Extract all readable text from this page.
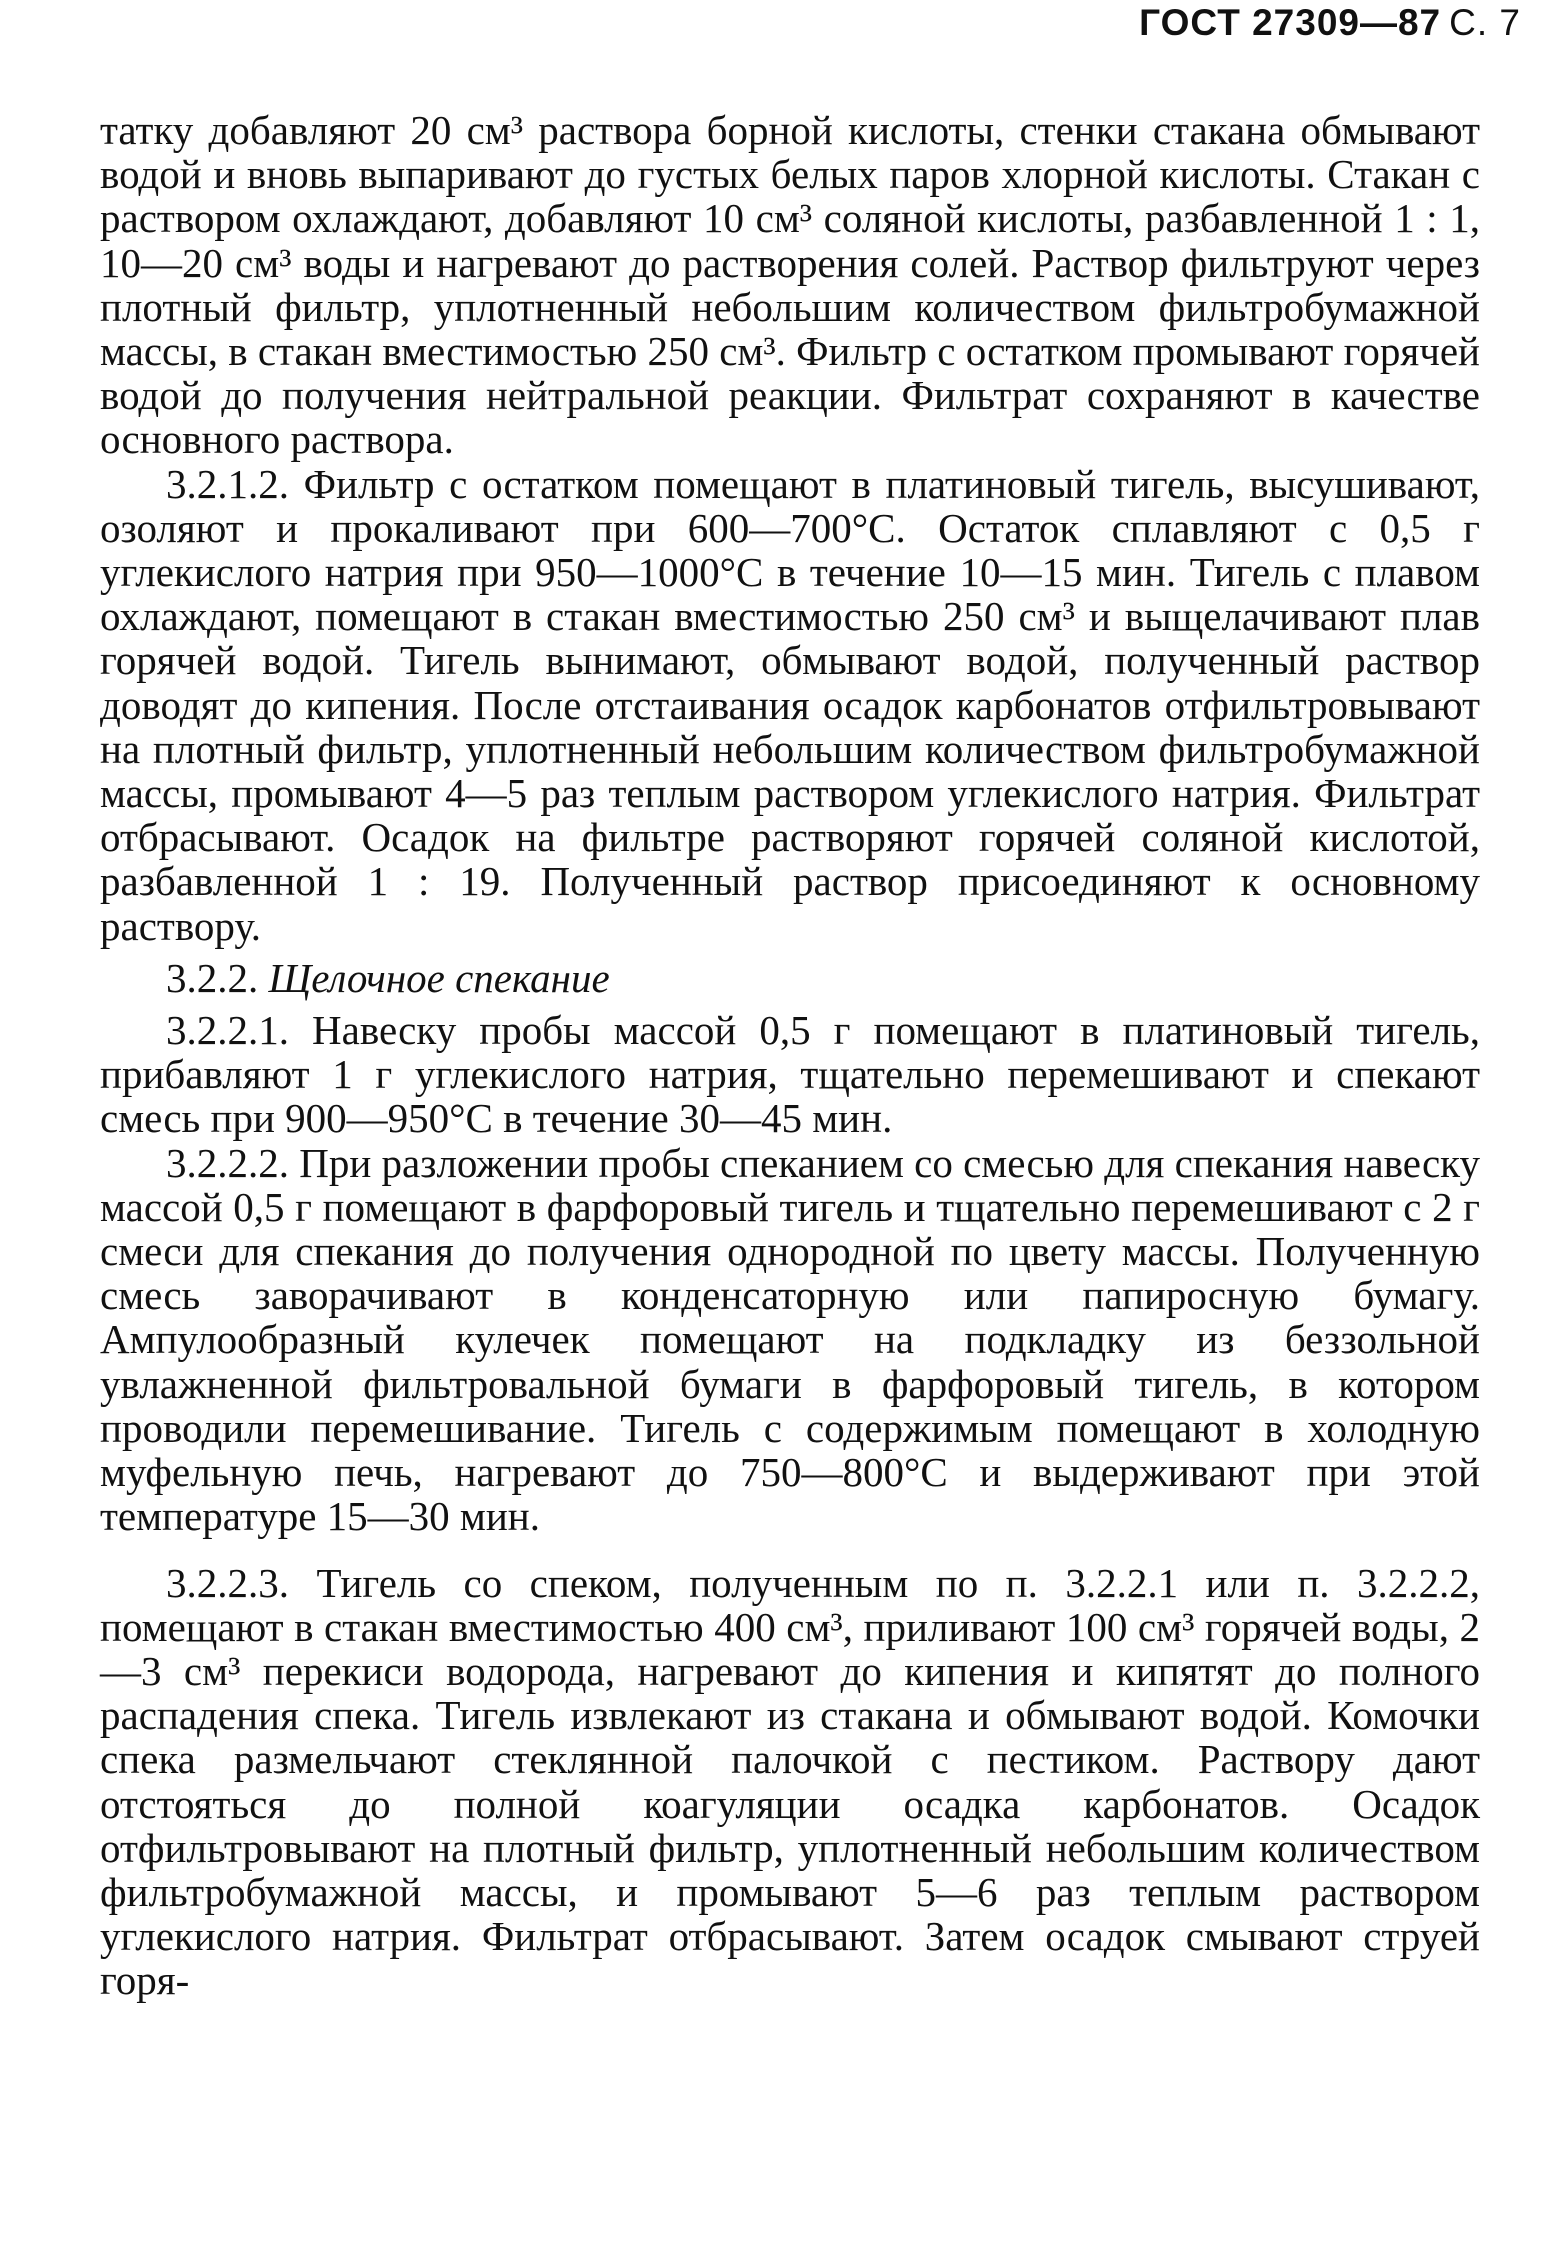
ГОСТ 27309—87 С. 7

татку добавляют 20 см³ раствора борной кислоты, стенки стакана обмывают водой и вновь выпаривают до густых белых паров хлорной кислоты. Стакан с раствором охлаждают, добавляют 10 см³ соляной кислоты, разбавленной 1 : 1, 10—20 см³ воды и нагревают до растворения солей. Раствор фильтруют через плотный фильтр, уплотненный небольшим количеством фильтробумажной массы, в стакан вместимостью 250 см³. Фильтр с остатком промывают горячей водой до получения нейтральной реакции. Фильтрат сохраняют в качестве основного раствора.

3.2.1.2. Фильтр с остатком помещают в платиновый тигель, высушивают, озоляют и прокаливают при 600—700°С. Остаток сплавляют с 0,5 г углекислого натрия при 950—1000°С в течение 10—15 мин. Тигель с плавом охлаждают, помещают в стакан вместимостью 250 см³ и выщелачивают плав горячей водой. Тигель вынимают, обмывают водой, полученный раствор доводят до кипения. После отстаивания осадок карбонатов отфильтровывают на плотный фильтр, уплотненный небольшим количеством фильтробумажной массы, промывают 4—5 раз теплым раствором углекислого натрия. Фильтрат отбрасывают. Осадок на фильтре растворяют горячей соляной кислотой, разбавленной 1 : 19. Полученный раствор присоединяют к основному раствору.

3.2.2. Щелочное спекание

3.2.2.1. Навеску пробы массой 0,5 г помещают в платиновый тигель, прибавляют 1 г углекислого натрия, тщательно перемешивают и спекают смесь при 900—950°С в течение 30—45 мин.

3.2.2.2. При разложении пробы спеканием со смесью для спекания навеску массой 0,5 г помещают в фарфоровый тигель и тщательно перемешивают с 2 г смеси для спекания до получения однородной по цвету массы. Полученную смесь заворачивают в конденсаторную или папиросную бумагу. Ампулообразный кулечек помещают на подкладку из беззольной увлажненной фильтровальной бумаги в фарфоровый тигель, в котором проводили перемешивание. Тигель с содержимым помещают в холодную муфельную печь, нагревают до 750—800°С и выдерживают при этой температуре 15—30 мин.

3.2.2.3. Тигель со спеком, полученным по п. 3.2.2.1 или п. 3.2.2.2, помещают в стакан вместимостью 400 см³, приливают 100 см³ горячей воды, 2—3 см³ перекиси водорода, нагревают до кипения и кипятят до полного распадения спека. Тигель извлекают из стакана и обмывают водой. Комочки спека размельчают стеклянной палочкой с пестиком. Раствору дают отстояться до полной коагуляции осадка карбонатов. Осадок отфильтровывают на плотный фильтр, уплотненный небольшим количеством фильтробумажной массы, и промывают 5—6 раз теплым раствором углекислого натрия. Фильтрат отбрасывают. Затем осадок смывают струей горя-
